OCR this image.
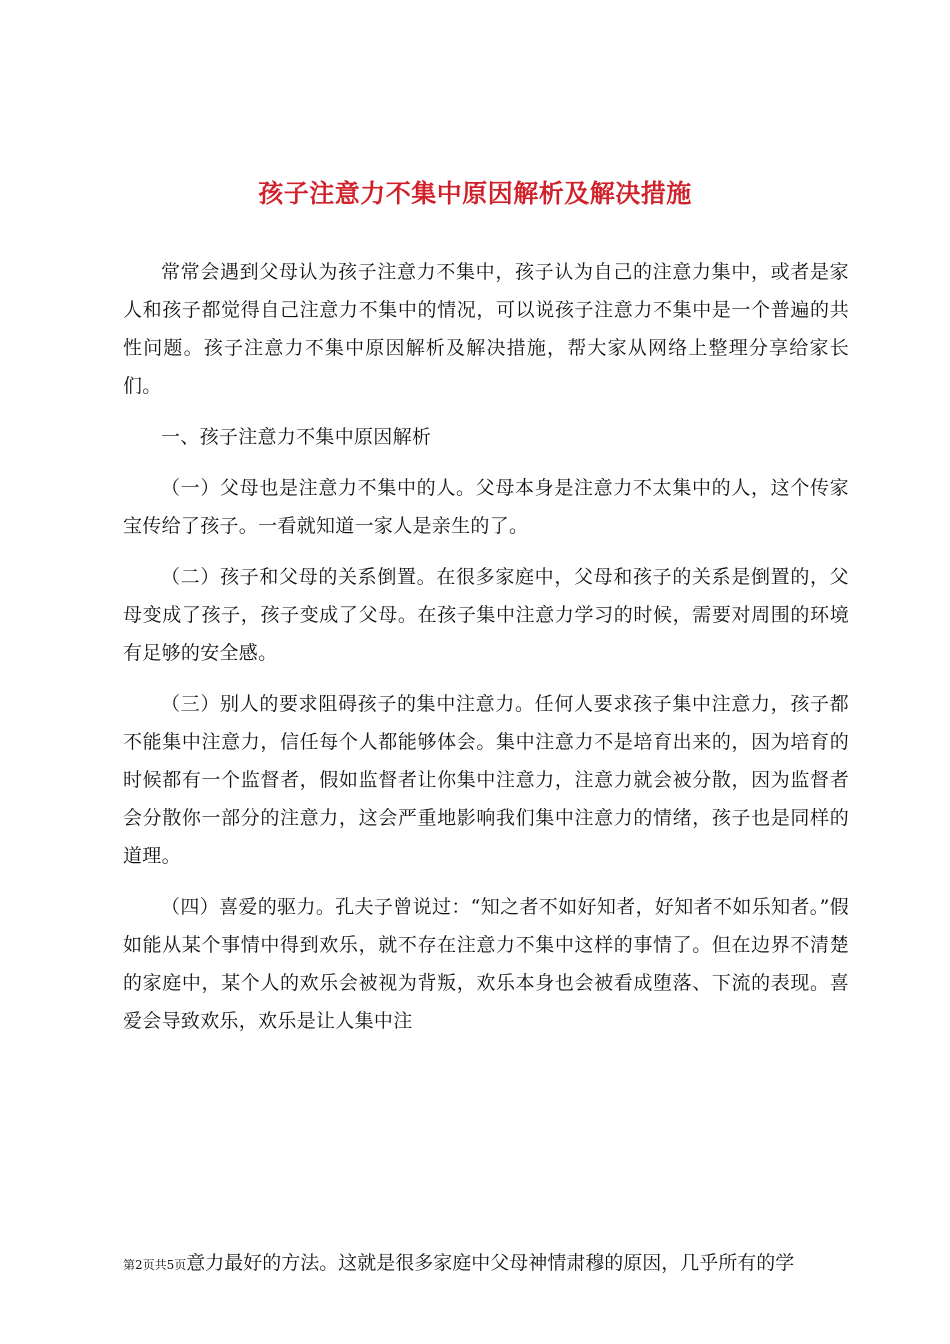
孩子注意力不集中原因解析及解决措施

常常会遇到父母认为孩子注意力不集中，孩子认为自己的注意力集中，或者是家人和孩子都觉得自己注意力不集中的情况，可以说孩子注意力不集中是一个普遍的共性问题。孩子注意力不集中原因解析及解决措施，帮大家从网络上整理分享给家长们。

一、孩子注意力不集中原因解析

（一）父母也是注意力不集中的人。父母本身是注意力不太集中的人，这个传家宝传给了孩子。一看就知道一家人是亲生的了。

（二）孩子和父母的关系倒置。在很多家庭中，父母和孩子的关系是倒置的，父母变成了孩子，孩子变成了父母。在孩子集中注意力学习的时候，需要对周围的环境有足够的安全感。

（三）别人的要求阻碍孩子的集中注意力。任何人要求孩子集中注意力，孩子都不能集中注意力，信任每个人都能够体会。集中注意力不是培育出来的，因为培育的时候都有一个监督者，假如监督者让你集中注意力，注意力就会被分散，因为监督者会分散你一部分的注意力，这会严重地影响我们集中注意力的情绪，孩子也是同样的道理。

（四）喜爱的驱力。孔夫子曾说过：“知之者不如好知者，好知者不如乐知者。”假如能从某个事情中得到欢乐，就不存在注意力不集中这样的事情了。但在边界不清楚的家庭中，某个人的欢乐会被视为背叛，欢乐本身也会被看成堕落、下流的表现。喜爱会导致欢乐，欢乐是让人集中注

第2页共5页意力最好的方法。这就是很多家庭中父母神情肃穆的原因，几乎所有的学
